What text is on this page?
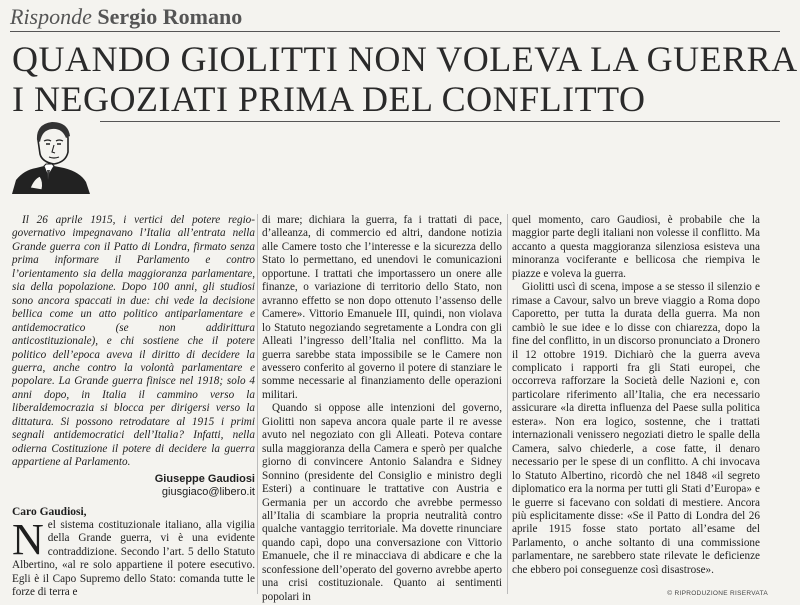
Risponde Sergio Romano
QUANDO GIOLITTI NON VOLEVA LA GUERRA
I NEGOZIATI PRIMA DEL CONFLITTO

Il 26 aprile 1915, i vertici del potere regio-governativo impegnavano l’Italia all’entrata nella Grande guerra con il Patto di Londra, firmato senza prima informare il Parlamento e contro l’orientamento sia della maggioranza parlamentare, sia della popolazione. Dopo 100 anni, gli studiosi sono ancora spaccati in due: chi vede la decisione bellica come un atto politico antiparlamentare e antidemocratico (se non addirittura anticostituzionale), e chi sostiene che il potere politico dell’epoca aveva il diritto di decidere la guerra, anche contro la volontà parlamentare e popolare. La Grande guerra finisce nel 1918; solo 4 anni dopo, in Italia il cammino verso la liberaldemocrazia si blocca per dirigersi verso la dittatura. Si possono retrodatare al 1915 i primi segnali antidemocratici dell’Italia? Infatti, nella odierna Costituzione il potere di decidere la guerra appartiene al Parlamento.

Giuseppe Gaudiosi
giusgiaco@libero.it
Caro Gaudiosi,

Nel sistema costituzionale italiano, alla vigilia della Grande guerra, vi è una evidente contraddizione. Secondo l’art. 5 dello Statuto Albertino, «al re solo appartiene il potere esecutivo. Egli è il Capo Supremo dello Stato: comanda tutte le forze di terra e

di mare; dichiara la guerra, fa i trattati di pace, d’alleanza, di commercio ed altri, dandone notizia alle Camere tosto che l’interesse e la sicurezza dello Stato lo permettano, ed unendovi le comunicazioni opportune. I trattati che importassero un onere alle finanze, o variazione di territorio dello Stato, non avranno effetto se non dopo ottenuto l’assenso delle Camere». Vittorio Emanuele III, quindi, non violava lo Statuto negoziando segretamente a Londra con gli Alleati l’ingresso dell’Italia nel conflitto. Ma la guerra sarebbe stata impossibile se le Camere non avessero conferito al governo il potere di stanziare le somme necessarie al finanziamento delle operazioni militari.

Quando si oppose alle intenzioni del governo, Giolitti non sapeva ancora quale parte il re avesse avuto nel negoziato con gli Alleati. Poteva contare sulla maggioranza della Camera e sperò per qualche giorno di convincere Antonio Salandra e Sidney Sonnino (presidente del Consiglio e ministro degli Esteri) a continuare le trattative con Austria e Germania per un accordo che avrebbe permesso all’Italia di scambiare la propria neutralità contro qualche vantaggio territoriale. Ma dovette rinunciare quando capì, dopo una conversazione con Vittorio Emanuele, che il re minacciava di abdicare e che la sconfessione dell’operato del governo avrebbe aperto una crisi costituzionale. Quanto ai sentimenti popolari in

quel momento, caro Gaudiosi, è probabile che la maggior parte degli italiani non volesse il conflitto. Ma accanto a questa maggioranza silenziosa esisteva una minoranza vociferante e bellicosa che riempiva le piazze e voleva la guerra.

Giolitti uscì di scena, impose a se stesso il silenzio e rimase a Cavour, salvo un breve viaggio a Roma dopo Caporetto, per tutta la durata della guerra. Ma non cambiò le sue idee e lo disse con chiarezza, dopo la fine del conflitto, in un discorso pronunciato a Dronero il 12 ottobre 1919. Dichiarò che la guerra aveva complicato i rapporti fra gli Stati europei, che occorreva rafforzare la Società delle Nazioni e, con particolare riferimento all’Italia, che era necessario assicurare «la diretta influenza del Paese sulla politica estera». Non era logico, sostenne, che i trattati internazionali venissero negoziati dietro le spalle della Camera, salvo chiederle, a cose fatte, il denaro necessario per le spese di un conflitto. A chi invocava lo Statuto Albertino, ricordò che nel 1848 «il segreto diplomatico era la norma per tutti gli Stati d’Europa» e le guerre si facevano con soldati di mestiere. Ancora più esplicitamente disse: «Se il Patto di Londra del 26 aprile 1915 fosse stato portato all’esame del Parlamento, o anche soltanto di una commissione parlamentare, ne sarebbero state rilevate le deficienze che ebbero poi conseguenze così disastrose».

© RIPRODUZIONE RISERVATA
